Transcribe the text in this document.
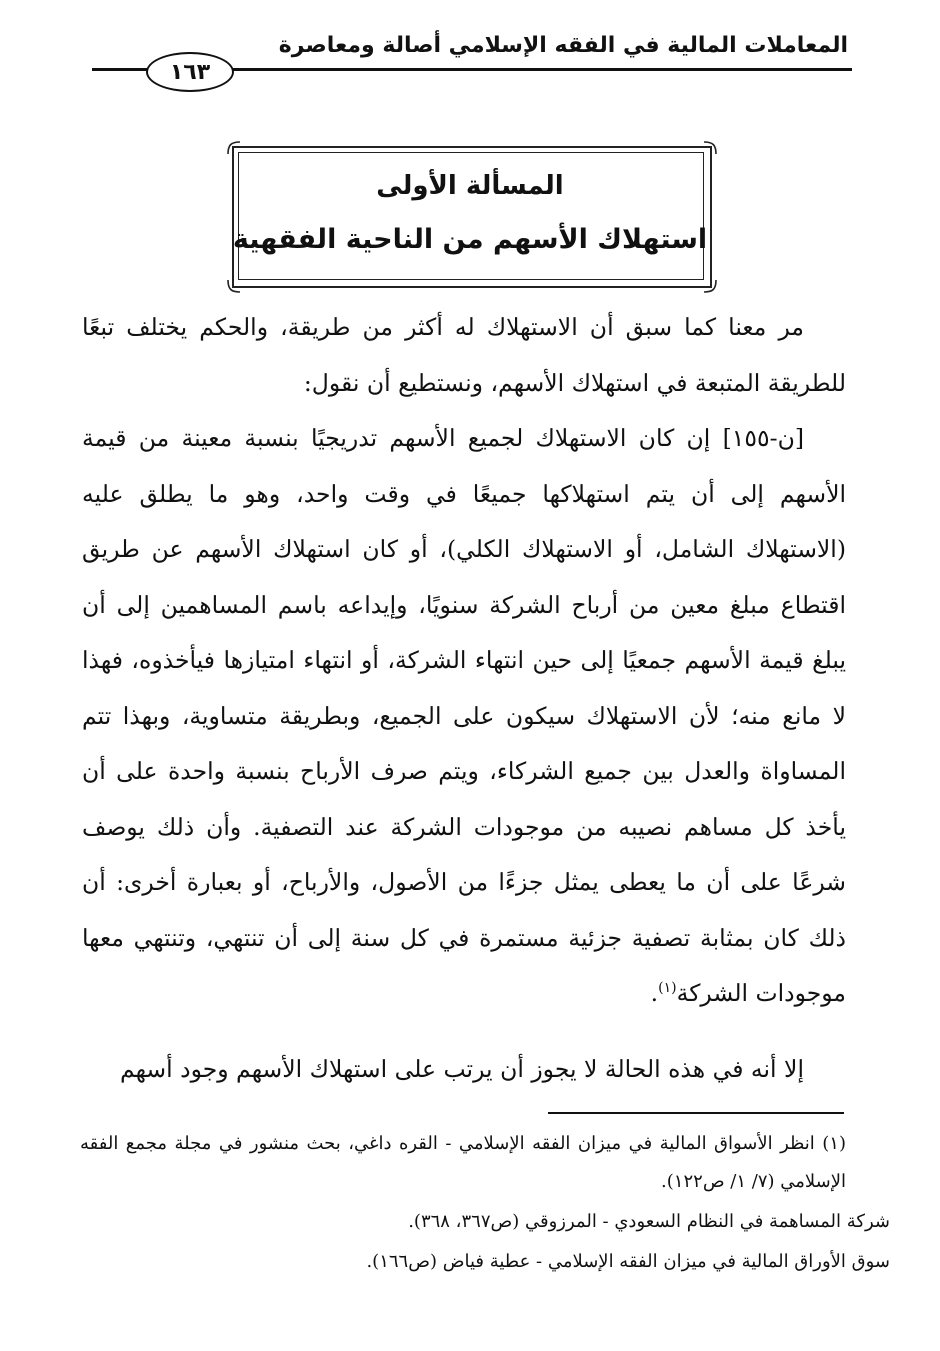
المعاملات المالية في الفقه الإسلامي أصالة ومعاصرة
١٦٣
المسألة الأولى
استهلاك الأسهم من الناحية الفقهية
مر معنا كما سبق أن الاستهلاك له أكثر من طريقة، والحكم يختلف تبعًا للطريقة المتبعة في استهلاك الأسهم، ونستطيع أن نقول:
[ن-١٥٥] إن كان الاستهلاك لجميع الأسهم تدريجيًا بنسبة معينة من قيمة الأسهم إلى أن يتم استهلاكها جميعًا في وقت واحد، وهو ما يطلق عليه (الاستهلاك الشامل، أو الاستهلاك الكلي)، أو كان استهلاك الأسهم عن طريق اقتطاع مبلغ معين من أرباح الشركة سنويًا، وإيداعه باسم المساهمين إلى أن يبلغ قيمة الأسهم جمعيًا إلى حين انتهاء الشركة، أو انتهاء امتيازها فيأخذوه، فهذا لا مانع منه؛ لأن الاستهلاك سيكون على الجميع، وبطريقة متساوية، وبهذا تتم المساواة والعدل بين جميع الشركاء، ويتم صرف الأرباح بنسبة واحدة على أن يأخذ كل مساهم نصيبه من موجودات الشركة عند التصفية. وأن ذلك يوصف شرعًا على أن ما يعطى يمثل جزءًا من الأصول، والأرباح، أو بعبارة أخرى: أن ذلك كان بمثابة تصفية جزئية مستمرة في كل سنة إلى أن تنتهي، وتنتهي معها موجودات الشركة$^{(١)}$.
إلا أنه في هذه الحالة لا يجوز أن يرتب على استهلاك الأسهم وجود أسهم
(١) انظر الأسواق المالية في ميزان الفقه الإسلامي - القره داغي، بحث منشور في مجلة مجمع الفقه الإسلامي (٧/ ١/ ص١٢٢).
شركة المساهمة في النظام السعودي - المرزوقي (ص٣٦٧، ٣٦٨).
سوق الأوراق المالية في ميزان الفقه الإسلامي - عطية فياض (ص١٦٦).
